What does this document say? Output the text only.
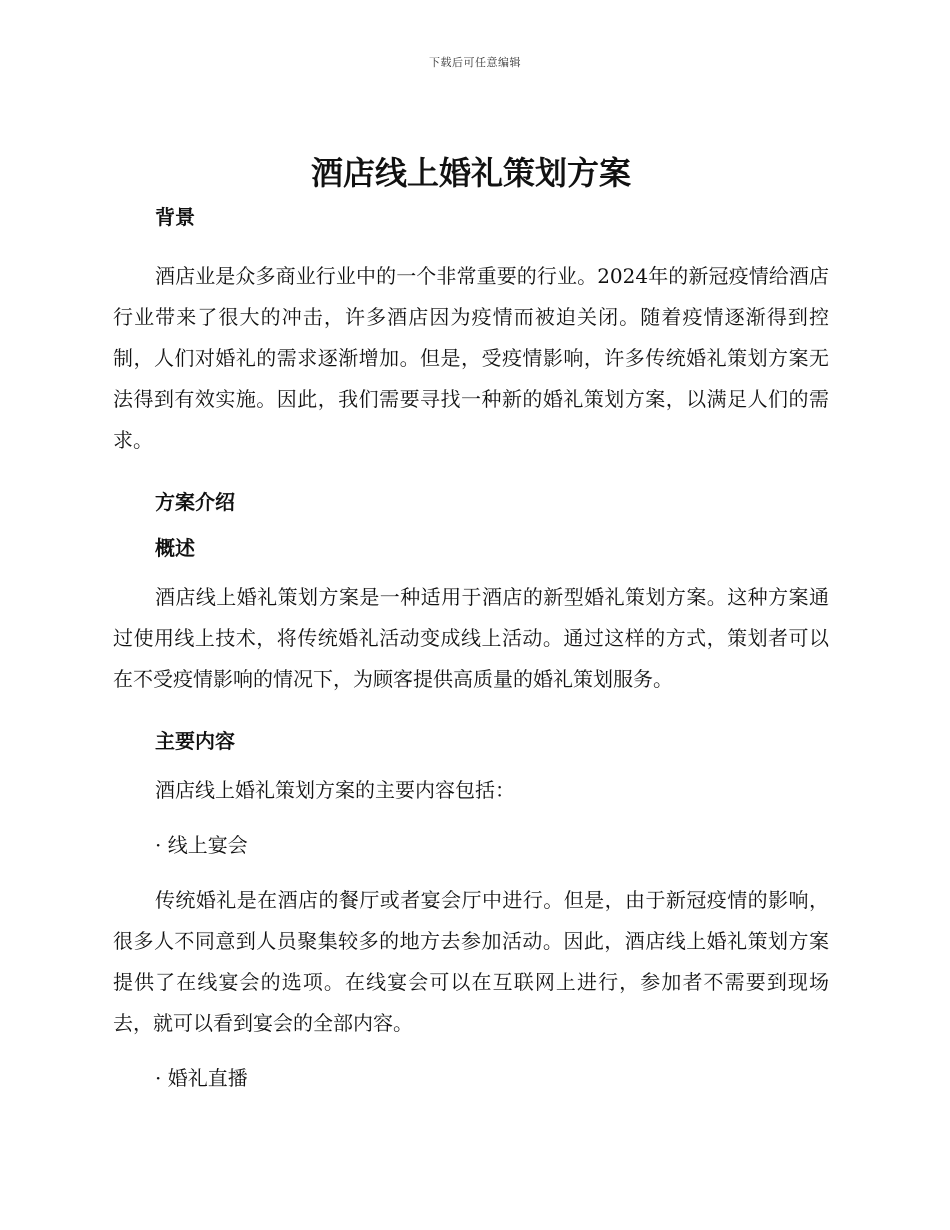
下载后可任意编辑
酒店线上婚礼策划方案
背景

酒店业是众多商业行业中的一个非常重要的行业。2024年的新冠疫情给酒店行业带来了很大的冲击，许多酒店因为疫情而被迫关闭。随着疫情逐渐得到控制，人们对婚礼的需求逐渐增加。但是，受疫情影响，许多传统婚礼策划方案无法得到有效实施。因此，我们需要寻找一种新的婚礼策划方案，以满足人们的需求。

方案介绍
概述

酒店线上婚礼策划方案是一种适用于酒店的新型婚礼策划方案。这种方案通过使用线上技术，将传统婚礼活动变成线上活动。通过这样的方式，策划者可以在不受疫情影响的情况下，为顾客提供高质量的婚礼策划服务。

主要内容

酒店线上婚礼策划方案的主要内容包括：

· 线上宴会

传统婚礼是在酒店的餐厅或者宴会厅中进行。但是，由于新冠疫情的影响，很多人不同意到人员聚集较多的地方去参加活动。因此，酒店线上婚礼策划方案提供了在线宴会的选项。在线宴会可以在互联网上进行，参加者不需要到现场去，就可以看到宴会的全部内容。

· 婚礼直播
